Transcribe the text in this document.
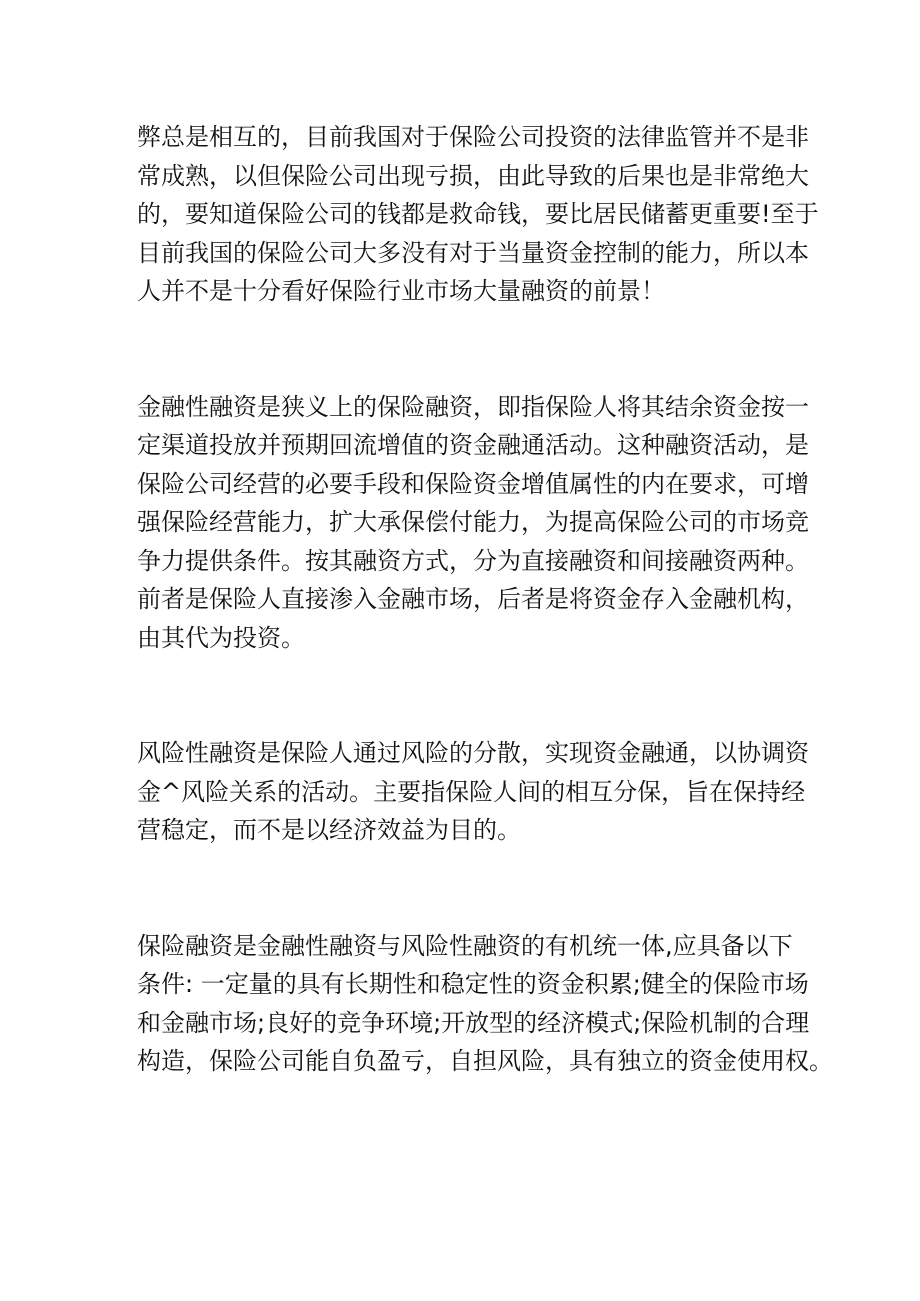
弊总是相互的，目前我国对于保险公司投资的法律监管并不是非
常成熟，以但保险公司出现亏损，由此导致的后果也是非常绝大
的，要知道保险公司的钱都是救命钱，要比居民储蓄更重要!至于
目前我国的保险公司大多没有对于当量资金控制的能力，所以本
人并不是十分看好保险行业市场大量融资的前景！

金融性融资是狭义上的保险融资，即指保险人将其结余资金按一
定渠道投放并预期回流增值的资金融通活动。这种融资活动，是
保险公司经营的必要手段和保险资金增值属性的内在要求，可增
强保险经营能力，扩大承保偿付能力，为提高保险公司的市场竞
争力提供条件。按其融资方式，分为直接融资和间接融资两种。
前者是保险人直接渗入金融市场，后者是将资金存入金融机构，
由其代为投资。

风险性融资是保险人通过风险的分散，实现资金融通，以协调资
金^风险关系的活动。主要指保险人间的相互分保，旨在保持经
营稳定，而不是以经济效益为目的。

保险融资是金融性融资与风险性融资的有机统一体,应具备以下
条件: 一定量的具有长期性和稳定性的资金积累;健全的保险市场
和金融市场;良好的竞争环境;开放型的经济模式;保险机制的合理
构造，保险公司能自负盈亏，自担风险，具有独立的资金使用权。
